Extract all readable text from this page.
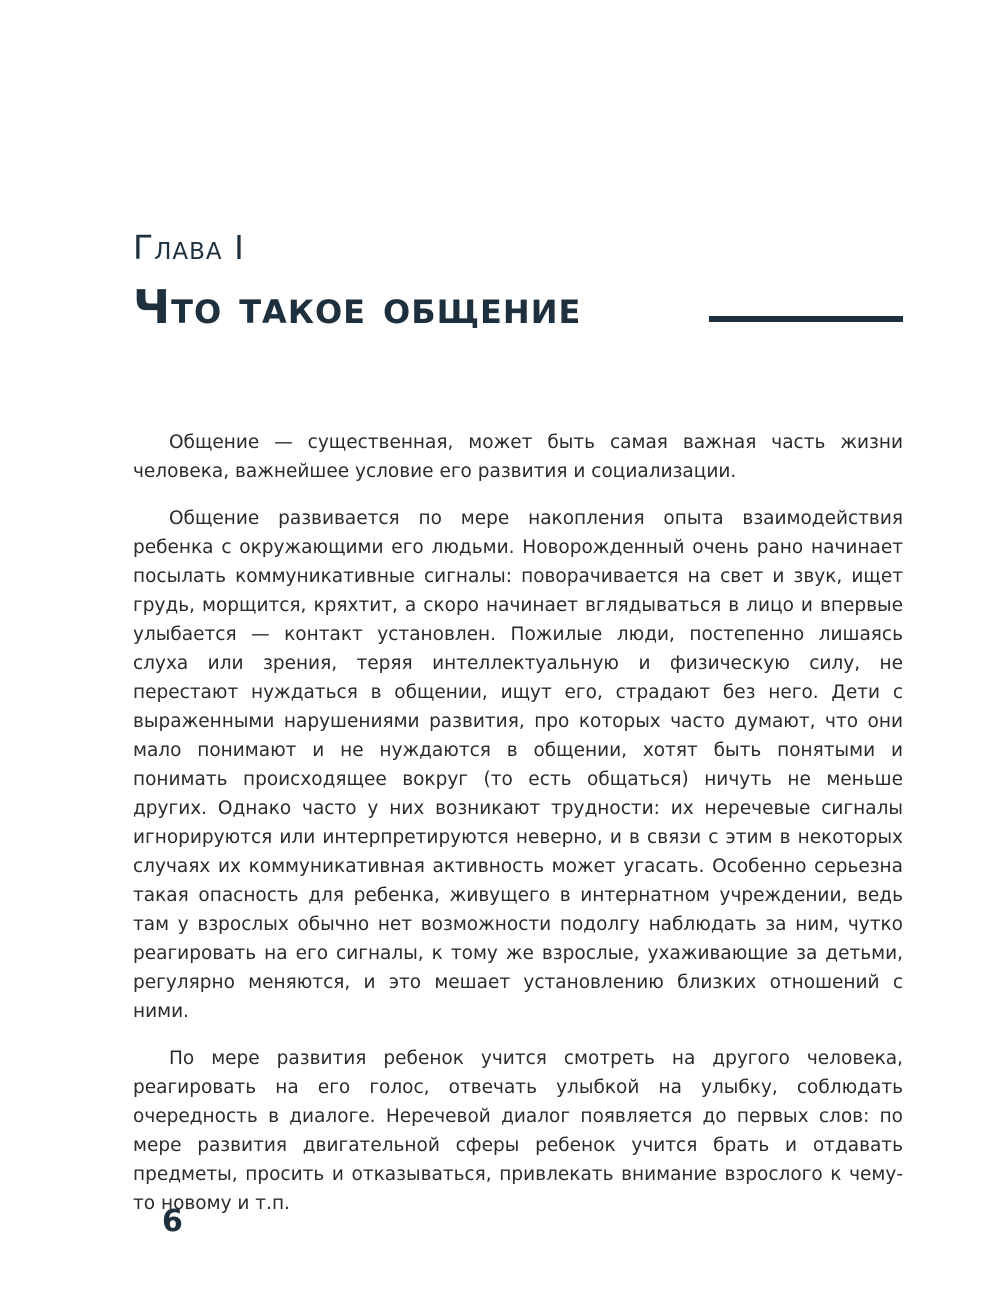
Глава I
Что такое общение

Общение — существенная, может быть самая важная часть жизни человека, важнейшее условие его развития и социализации.

Общение развивается по мере накопления опыта взаимодействия ребенка с окружающими его людьми. Новорожденный очень рано начинает посылать коммуникативные сигналы: поворачивается на свет и звук, ищет грудь, морщится, кряхтит, а скоро начинает вглядываться в лицо и впервые улыбается — контакт установлен. Пожилые люди, постепенно лишаясь слуха или зрения, теряя интеллектуальную и физическую силу, не перестают нуждаться в общении, ищут его, страдают без него. Дети с выраженными нарушениями развития, про которых часто думают, что они мало понимают и не нуждаются в общении, хотят быть понятыми и понимать происходящее вокруг (то есть общаться) ничуть не меньше других. Однако часто у них возникают трудности: их неречевые сигналы игнорируются или интерпретируются неверно, и в связи с этим в некоторых случаях их коммуникативная активность может угасать. Особенно серьезна такая опасность для ребенка, живущего в интернатном учреждении, ведь там у взрослых обычно нет возможности подолгу наблюдать за ним, чутко реагировать на его сигналы, к тому же взрослые, ухаживающие за детьми, регулярно меняются, и это мешает установлению близких отношений с ними.

По мере развития ребенок учится смотреть на другого человека, реагировать на его голос, отвечать улыбкой на улыбку, соблюдать очередность в диалоге. Неречевой диалог появляется до первых слов: по мере развития двигательной сферы ребенок учится брать и отдавать предметы, просить и отказываться, привлекать внимание взрослого к чему-то новому и т.п.

6
